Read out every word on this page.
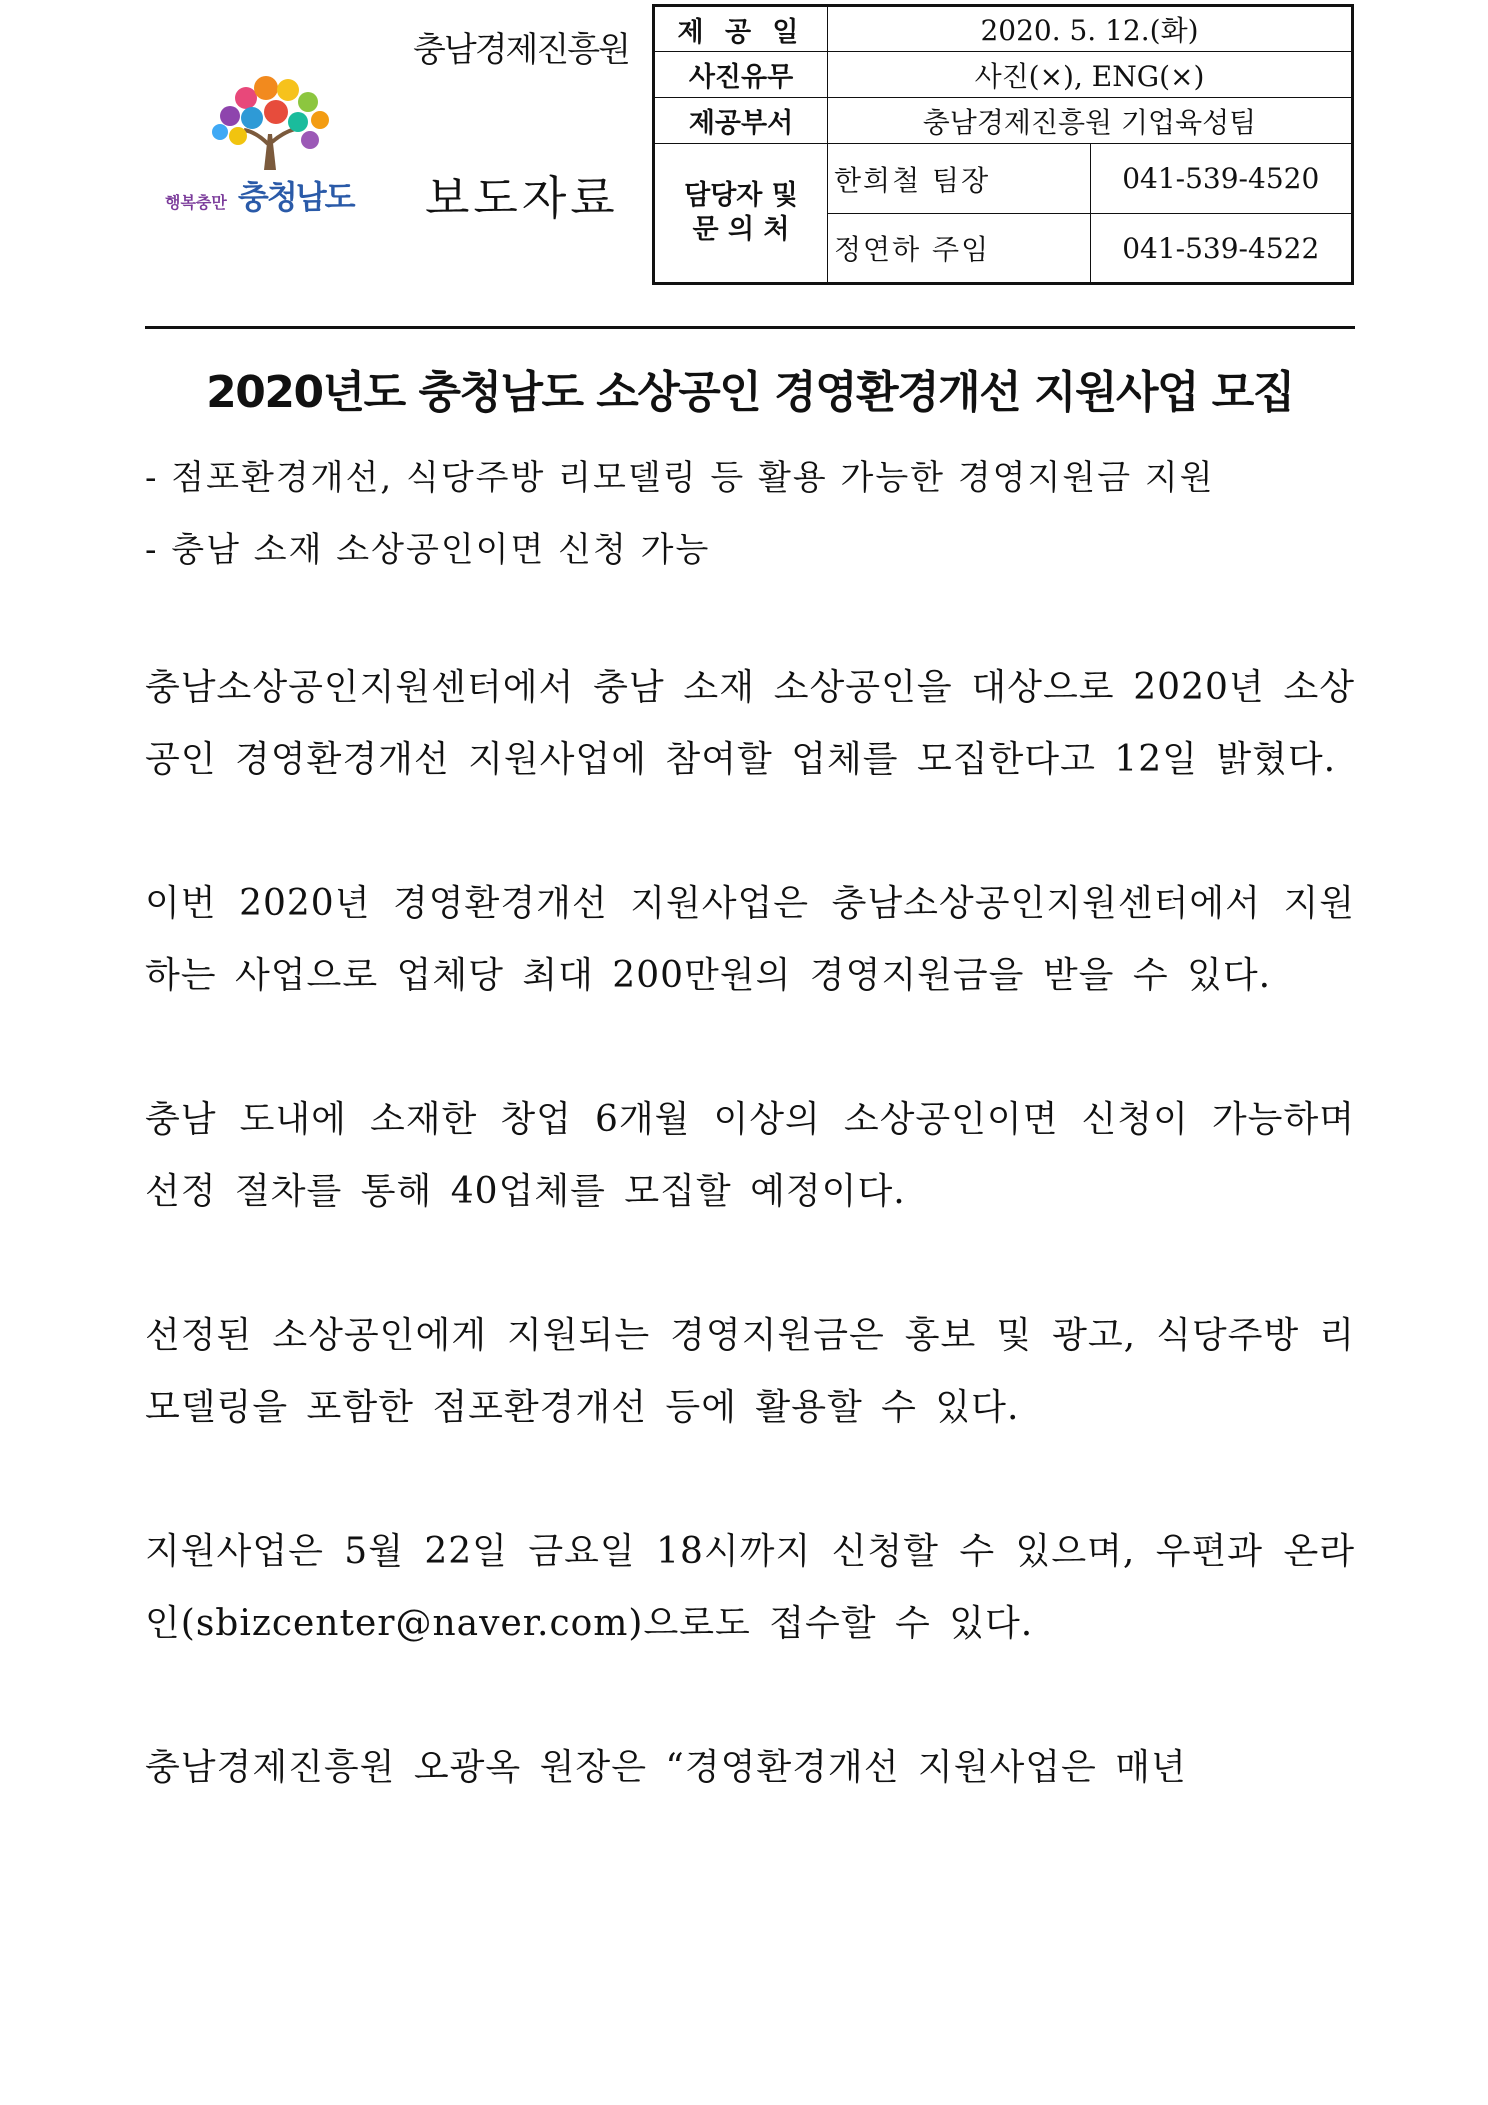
충남경제진흥원
행복충만 충청남도 보도자료
제 공 일	2020. 5. 12.(화)	
사진유무	사진(×), ENG(×)	
제공부서	충남경제진흥원 기업육성팀	

담당자 및
문 의 처	한희철 팀장	041-539-4520
	정연하 주임	041-539-4522
2020년도 충청남도 소상공인 경영환경개선 지원사업 모집
- 점포환경개선, 식당주방 리모델링 등 활용 가능한 경영지원금 지원
- 충남 소재 소상공인이면 신청 가능

충남소상공인지원센터에서 충남 소재 소상공인을 대상으로 2020년 소상공인 경영환경개선 지원사업에 참여할 업체를 모집한다고 12일 밝혔다.

이번 2020년 경영환경개선 지원사업은 충남소상공인지원센터에서 지원하는 사업으로 업체당 최대 200만원의 경영지원금을 받을 수 있다.

충남 도내에 소재한 창업 6개월 이상의 소상공인이면 신청이 가능하며 선정 절차를 통해 40업체를 모집할 예정이다.

선정된 소상공인에게 지원되는 경영지원금은 홍보 및 광고, 식당주방 리모델링을 포함한 점포환경개선 등에 활용할 수 있다.

지원사업은 5월 22일 금요일 18시까지 신청할 수 있으며, 우편과 온라인(sbizcenter@naver.com)으로도 접수할 수 있다.

충남경제진흥원 오광옥 원장은 “경영환경개선 지원사업은 매년
